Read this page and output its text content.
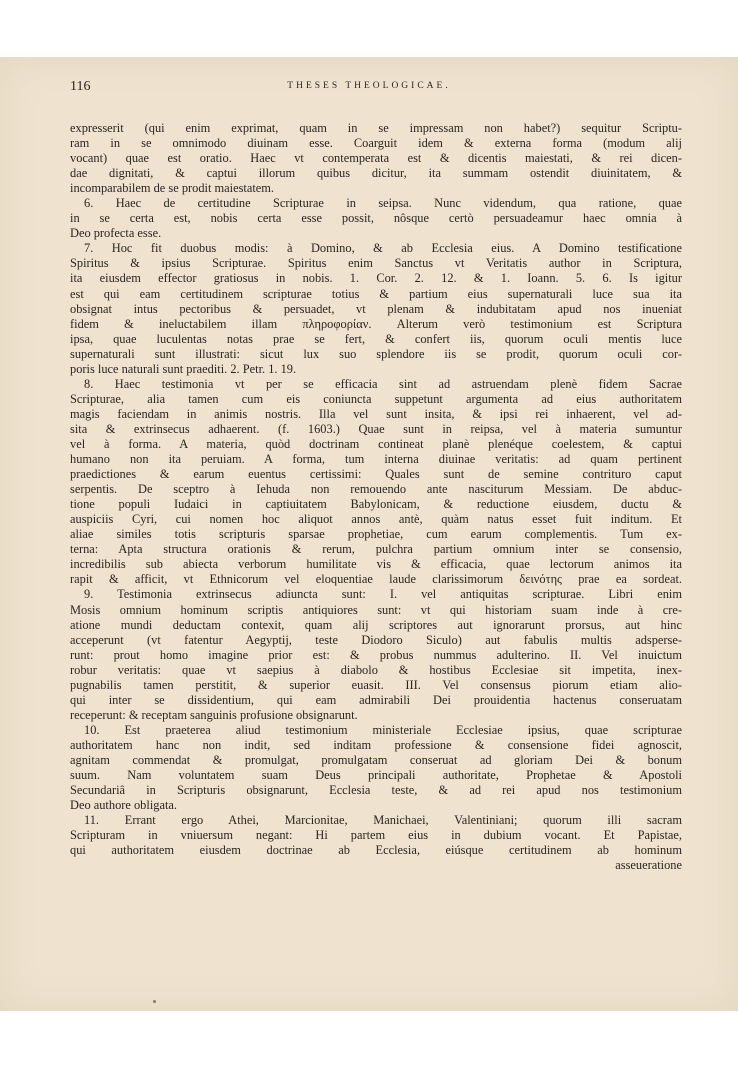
116	THESES THEOLOGICAE.
expresserit (qui enim exprimat, quam in se impressam non habet?) sequitur Scriptu-
ram in se omnimodo diuinam esse. Coarguit idem & externa forma (modum alij
vocant) quae est oratio. Haec vt contemperata est & dicentis maiestati, & rei dicen-
dae dignitati, & captui illorum quibus dicitur, ita summam ostendit diuinitatem, &
incomparabilem de se prodit maiestatem.
6. Haec de certitudine Scripturae in seipsa. Nunc videndum, qua ratione, quae
in se certa est, nobis certa esse possit, nôsque certò persuadeamur haec omnia à
Deo profecta esse.
7. Hoc fit duobus modis: à Domino, & ab Ecclesia eius. A Domino testificatione
Spiritus & ipsius Scripturae. Spiritus enim Sanctus vt Veritatis author in Scriptura,
ita eiusdem effector gratiosus in nobis. 1. Cor. 2. 12. & 1. Ioann. 5. 6. Is igitur
est qui eam certitudinem scripturae totius & partium eius supernaturali luce sua ita
obsignat intus pectoribus & persuadet, vt plenam & indubitatam apud nos inueniat
fidem & ineluctabilem illam πληροφορίαν. Alterum verò testimonium est Scriptura
ipsa, quae luculentas notas prae se fert, & confert iis, quorum oculi mentis luce
supernaturali sunt illustrati: sicut lux suo splendore iis se prodit, quorum oculi cor-
poris luce naturali sunt praediti. 2. Petr. 1. 19.
8. Haec testimonia vt per se efficacia sint ad astruendam plenè fidem Sacrae
Scripturae, alia tamen cum eis coniuncta suppetunt argumenta ad eius authoritatem
magis faciendam in animis nostris. Illa vel sunt insita, & ipsi rei inhaerent, vel ad-
sita & extrinsecus adhaerent. (f. 1603.) Quae sunt in reipsa, vel à materia sumuntur
vel à forma. A materia, quòd doctrinam contineat planè plenéque coelestem, & captui
humano non ita peruiam. A forma, tum interna diuinae veritatis: ad quam pertinent
praedictiones & earum euentus certissimi: Quales sunt de semine contrituro caput
serpentis. De sceptro à Iehuda non remouendo ante nasciturum Messiam. De abduc-
tione populi Iudaici in captiuitatem Babylonicam, & reductione eiusdem, ductu &
auspiciis Cyri, cui nomen hoc aliquot annos antè, quàm natus esset fuit inditum. Et
aliae similes totis scripturis sparsae prophetiae, cum earum complementis. Tum ex-
terna: Apta structura orationis & rerum, pulchra partium omnium inter se consensio,
incredibilis sub abiecta verborum humilitate vis & efficacia, quae lectorum animos ita
rapit & afficit, vt Ethnicorum vel eloquentiae laude clarissimorum δεινότης prae ea sordeat.
9. Testimonia extrinsecus adiuncta sunt: I. vel antiquitas scripturae. Libri enim
Mosis omnium hominum scriptis antiquiores sunt: vt qui historiam suam inde à cre-
atione mundi deductam contexit, quam alij scriptores aut ignorarunt prorsus, aut hinc
acceperunt (vt fatentur Aegyptij, teste Diodoro Siculo) aut fabulis multis adsperse-
runt: prout homo imagine prior est: & probus nummus adulterino. II. Vel inuictum
robur veritatis: quae vt saepius à diabolo & hostibus Ecclesiae sit impetita, inex-
pugnabilis tamen perstitit, & superior euasit. III. Vel consensus piorum etiam alio-
qui inter se dissidentium, qui eam admirabili Dei prouidentia hactenus conseruatam
receperunt: & receptam sanguinis profusione obsignarunt.
10. Est praeterea aliud testimonium ministeriale Ecclesiae ipsius, quae scripturae
authoritatem hanc non indit, sed inditam professione & consensione fidei agnoscit,
agnitam commendat & promulgat, promulgatam conseruat ad gloriam Dei & bonum
suum. Nam voluntatem suam Deus principali authoritate, Prophetae & Apostoli
Secundariâ in Scripturis obsignarunt, Ecclesia teste, & ad rei apud nos testimonium
Deo authore obligata.
11. Errant ergo Athei, Marcionitae, Manichaei, Valentiniani; quorum illi sacram
Scripturam in vniuersum negant: Hi partem eius in dubium vocant. Et Papistae,
qui authoritatem eiusdem doctrinae ab Ecclesia, eiúsque certitudinem ab hominum
asseueratione
